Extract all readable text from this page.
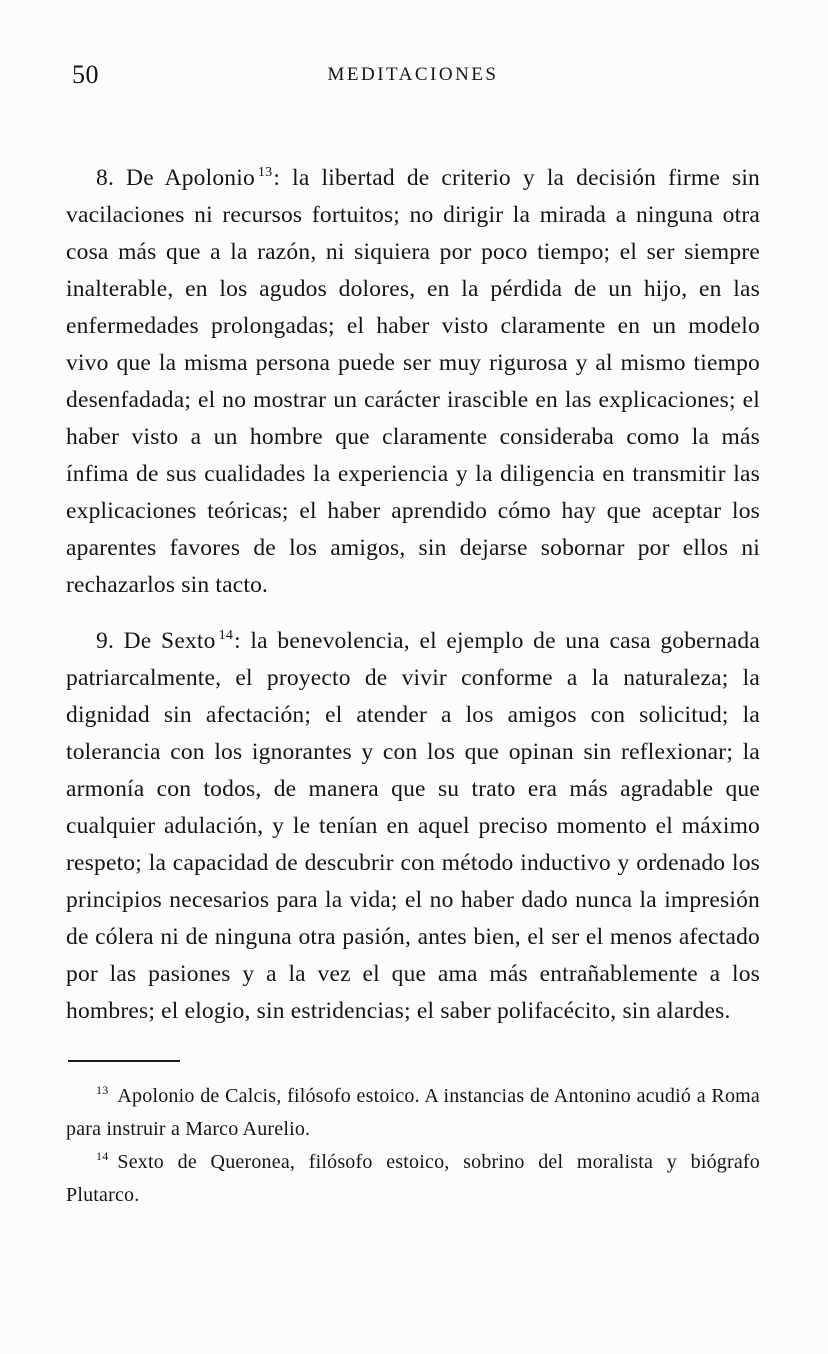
50	MEDITACIONES

8. De Apolonio $^{13}$: la libertad de criterio y la decisión firme sin vacilaciones ni recursos fortuitos; no dirigir la mirada a ninguna otra cosa más que a la razón, ni siquiera por poco tiempo; el ser siempre inalterable, en los agudos dolores, en la pérdida de un hijo, en las enfermedades prolongadas; el haber visto claramente en un modelo vivo que la misma persona puede ser muy rigurosa y al mismo tiempo desenfadada; el no mostrar un carácter irascible en las explicaciones; el haber visto a un hombre que claramente consideraba como la más ínfima de sus cualidades la experiencia y la diligencia en transmitir las explicaciones teóricas; el haber aprendido cómo hay que aceptar los aparentes favores de los amigos, sin dejarse sobornar por ellos ni rechazarlos sin tacto.

9. De Sexto $^{14}$: la benevolencia, el ejemplo de una casa gobernada patriarcalmente, el proyecto de vivir conforme a la naturaleza; la dignidad sin afectación; el atender a los amigos con solicitud; la tolerancia con los ignorantes y con los que opinan sin reflexionar; la armonía con todos, de manera que su trato era más agradable que cualquier adulación, y le tenían en aquel preciso momento el máximo respeto; la capacidad de descubrir con método inductivo y ordenado los principios necesarios para la vida; el no haber dado nunca la impresión de cólera ni de ninguna otra pasión, antes bien, el ser el menos afectado por las pasiones y a la vez el que ama más entrañablemente a los hombres; el elogio, sin estridencias; el saber polifacécito, sin alardes.

$^{13}$ Apolonio de Calcis, filósofo estoico. A instancias de Antonino acudió a Roma para instruir a Marco Aurelio.

$^{14}$ Sexto de Queronea, filósofo estoico, sobrino del moralista y biógrafo Plutarco.
